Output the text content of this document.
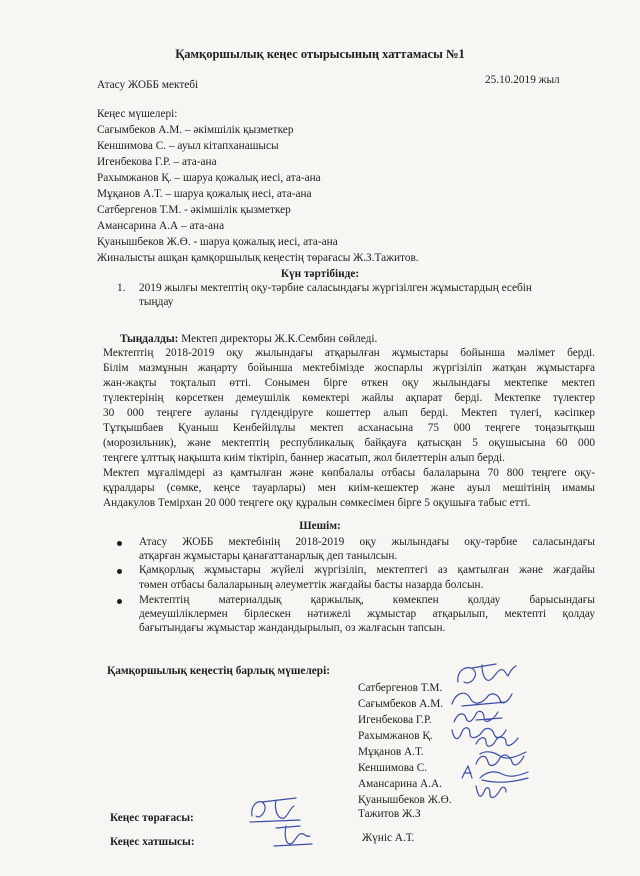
Қамқоршылық кеңес отырысының хаттамасы №1
Атасу ЖОББ мектебі	25.10.2019 жыл
Кеңес мүшелері:
Сағымбеков А.М. – әкімшілік қызметкер
Кеншимова С. – ауыл кітапханашысы
Игенбекова Г.Р. – ата-ана
Рахымжанов Қ. – шаруа қожалық иесі, ата-ана
Мұқанов А.Т. – шаруа қожалық иесі, ата-ана
Сатбергенов Т.М. - әкімшілік қызметкер
Амансарина А.А – ата-ана
Қуанышбеков Ж.Ө. - шаруа қожалық иесі, ата-ана
Жиналысты ашқан қамқоршылық кеңестің төрағасы Ж.З.Тажитов.
Күн тәртібінде:
1. 2019 жылғы мектептің оқу-тәрбие саласындағы жүргізілген жұмыстардың есебін
тыңдау
Тыңдалды: Мектеп директоры Ж.К.Сембин сөйледі.
Мектептің 2018-2019 оқу жылындағы атқарылған жұмыстары бойынша мәлімет берді.
Білім мазмұнын жаңарту бойынша мектебімізде жоспарлы жүргізіліп жатқан жұмыстарға
жан-жақты тоқталып өтті. Сонымен бірге өткен оқу жылындағы мектепке мектеп
түлектерінің көрсеткен демеушілік көмектері жайлы ақпарат берді. Мектепке түлектер
30 000 теңгеге ауланы гүлдендіруге кошеттер алып берді. Мектеп түлегі, кәсіпкер
Тұтқышбаев Қуаныш Кенбейілұлы мектеп асханасына 75 000 теңгеге тоңазытқыш
(морозильник), және мектептің республикалық байқауға қатысқан 5 оқушысына 60 000
теңгеге ұлттық нақышта киім тіктіріп, баннер жасатып, жол билеттерін алып берді.
Мектеп мұғалімдері аз қамтылған және көпбалалы отбасы балаларына 70 800 теңгеге оқу-
құралдары (сөмке, кеңсе тауарлары) мен киім-кешектер және ауыл мешітінің имамы
Андакулов Темірхан 20 000 теңгеге оқу құралын сөмкесімен бірге 5 оқушыға табыс етті.
Шешім:
Атасу ЖОББ мектебінің 2018-2019 оқу жылындағы оқу-тәрбие саласындағы
атқарған жұмыстары қанағаттанарлық деп танылсын.
Қамқорлық жұмыстары жүйелі жүргізіліп, мектептегі аз қамтылған және жағдайы
төмен отбасы балаларының әлеуметтік жағдайы басты назарда болсын.
Мектептің материалдық қаржылық, көмекпен қолдау барысындағы
демеушілiклермен бірлескен нәтижелі жұмыстар атқарылып, мектепті қолдау
бағытындағы жұмыстар жандандырылып, оз жалғасын тапсын.
Қамқоршылық кеңестің барлық мүшелері:
Сатбергенов Т.М.
Сағымбеков А.М.
Игенбекова Г.Р.
Рахымжанов Қ.
Мұқанов А.Т.
Кеншимова С.
Амансарина А.А.
Қуанышбеков Ж.Ө.
Кеңес төрағасы:	Тажитов Ж.З
Кеңес хатшысы:	Жүніс А.Т.
